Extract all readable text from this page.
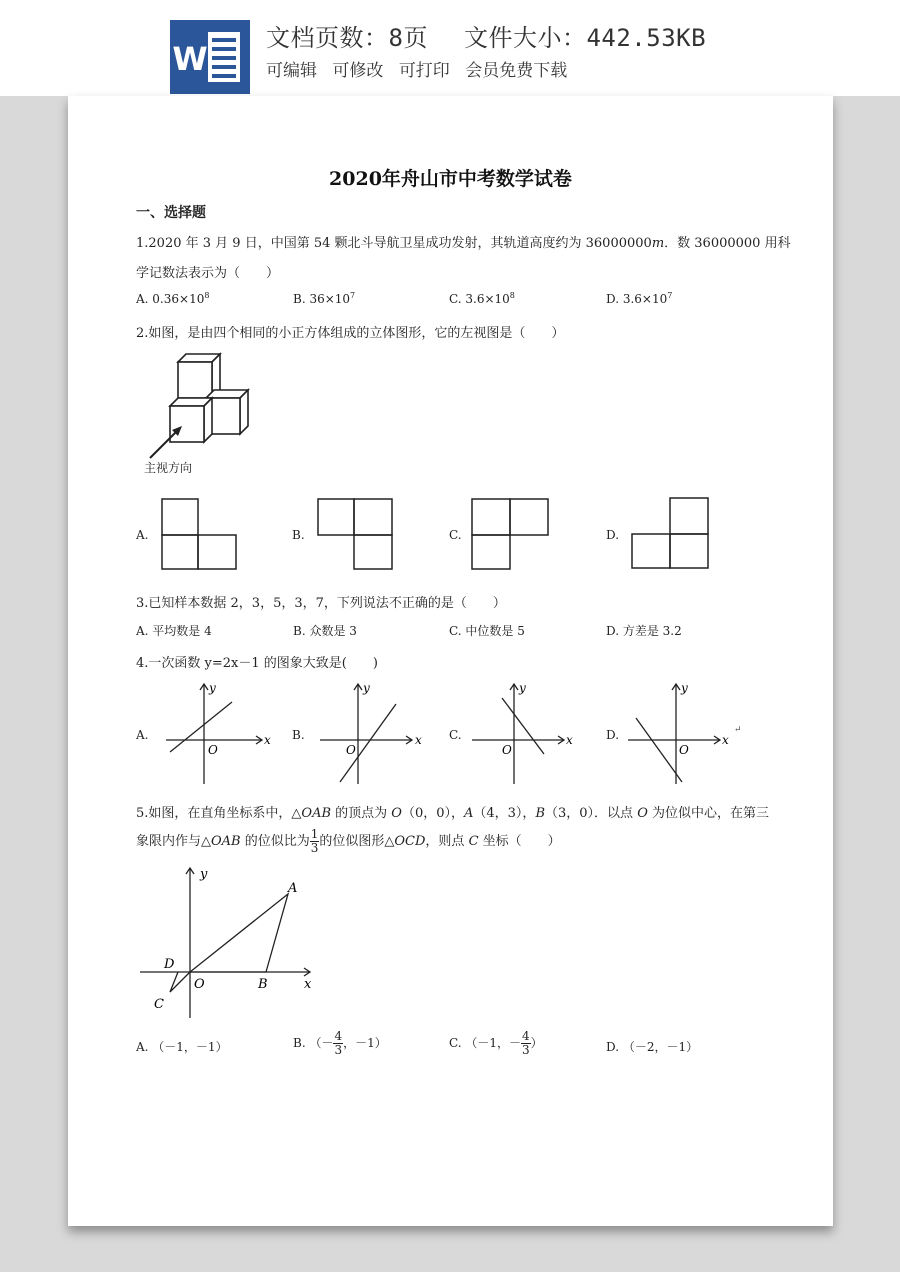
W
文档页数：8页 文件大小：442.53KB
可编辑 可修改 可打印 会员免费下载
2020年舟山市中考数学试卷
一、选择题
1.2020 年 3 月 9 日，中国第 54 颗北斗导航卫星成功发射，其轨道高度约为 36000000m．数 36000000 用科
学记数法表示为（　　）
A. $0.36\times 10^8$	B. $36\times 10^7$	C. $3.6\times 10^8$	D. $3.6\times 10^7$
2.如图，是由四个相同的小正方体组成的立体图形，它的左视图是（　　）
主视方向
A.	B.	C.	D.
3.已知样本数据 2，3，5，3，7，下列说法不正确的是（　　）
A. 平均数是 4	B. 众数是 3	C. 中位数是 5	D. 方差是 3.2
4.一次函数 y=2x－1 的图象大致是(　　)
A.	x
y
O
B.	x
y
O
C.	x
y
O
D.	x
y
O
↵
5.如图，在直角坐标系中，△OAB 的顶点为 O（0，0），A（4，3），B（3，0）．以点 O 为位似中心，在第三
象限内作与△OAB 的位似比为 $\frac{1}{3}$ 的位似图形△OCD，则点 C 坐标（　　）
y
x
A
B
O
D
C
A. （－1，－1）	B. （－ $\frac{4}{3}$ ，－1）	C. （－1，－ $\frac{4}{3}$ ）	D. （－2，－1）
